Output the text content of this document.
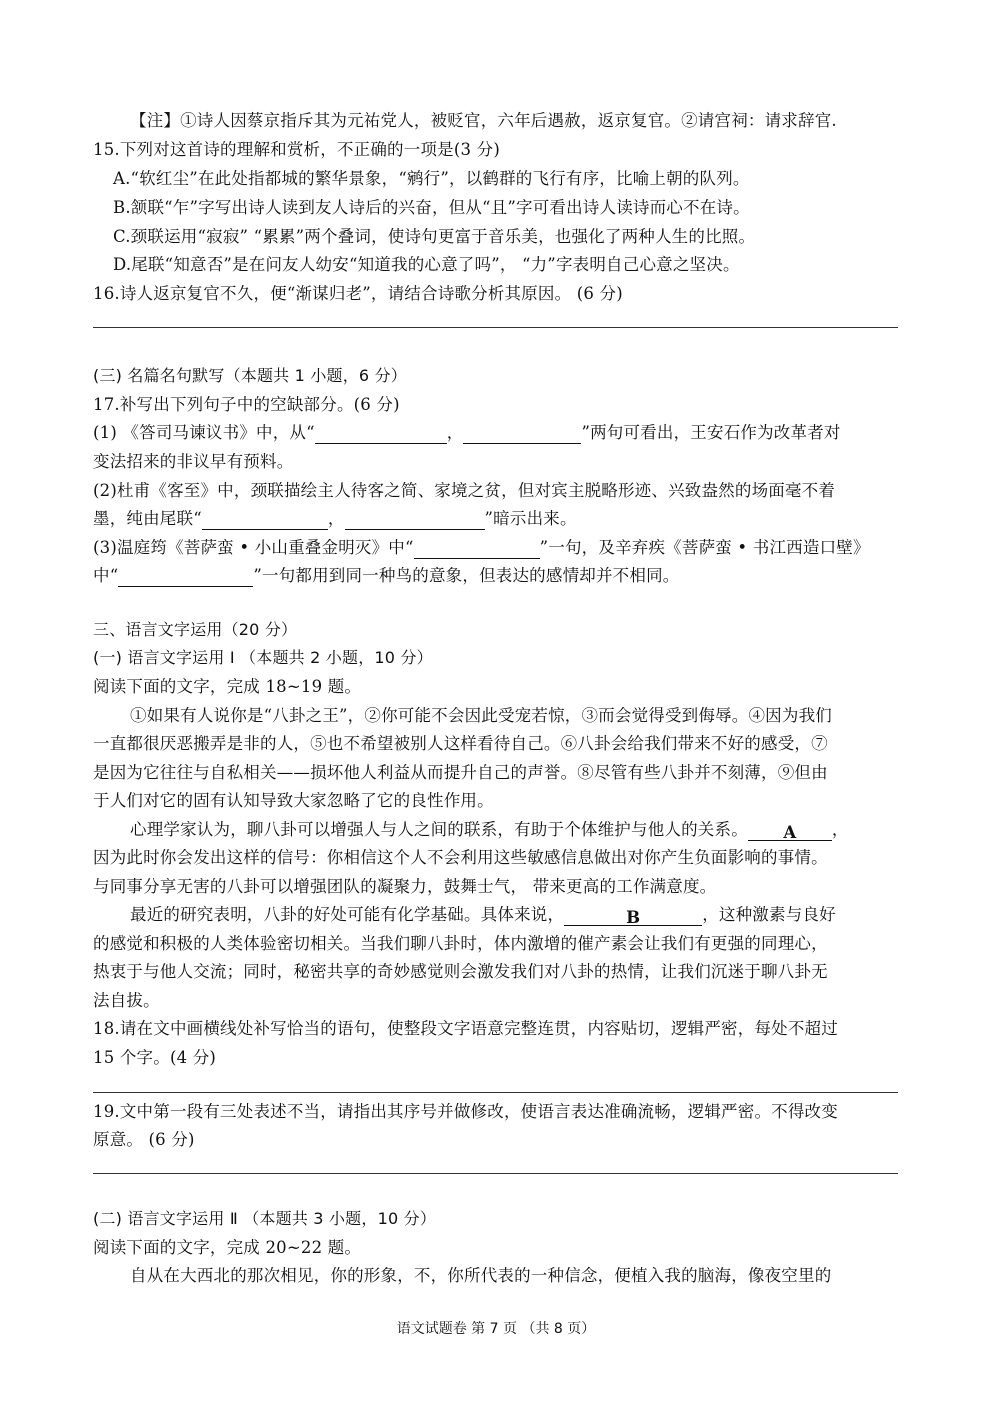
【注】①诗人因蔡京指斥其为元祐党人，被贬官，六年后遇赦，返京复官。②请宫祠：请求辞官.
15.下列对这首诗的理解和赏析，不正确的一项是(3 分)
A.“软红尘”在此处指都城的繁华景象，“鹓行”，以鹤群的飞行有序，比喻上朝的队列。
B.颔联“乍”字写出诗人读到友人诗后的兴奋，但从“且”字可看出诗人读诗而心不在诗。
C.颈联运用“寂寂” “累累”两个叠词，使诗句更富于音乐美，也强化了两种人生的比照。
D.尾联“知意否”是在问友人幼安“知道我的心意了吗”， “力”字表明自己心意之坚决。
16.诗人返京复官不久，便“渐谋归老”，请结合诗歌分析其原因。 (6 分)
(三) 名篇名句默写（本题共 1 小题，6 分）
17.补写出下列句子中的空缺部分。(6 分)
(1) 《答司马谏议书》中，从“	，	”两句可看出，王安石作为改革者对
变法招来的非议早有预料。
(2)杜甫《客至》中，颈联描绘主人待客之简、家境之贫，但对宾主脱略形迹、兴致盎然的场面毫不着
墨，纯由尾联“	，	”暗示出来。
(3)温庭筠《菩萨蛮 • 小山重叠金明灭》中“	”一句，及辛弃疾《菩萨蛮 • 书江西造口壁》
中“	”一句都用到同一种鸟的意象，但表达的感情却并不相同。
三、语言文字运用（20 分）
(一) 语言文字运用 Ⅰ （本题共 2 小题，10 分）
阅读下面的文字，完成 18~19 题。
①如果有人说你是“八卦之王”，②你可能不会因此受宠若惊，③而会觉得受到侮辱。④因为我们
一直都很厌恶搬弄是非的人，⑤也不希望被别人这样看待自己。⑥八卦会给我们带来不好的感受，⑦
是因为它往往与自私相关——损坏他人利益从而提升自己的声誉。⑧尽管有些八卦并不刻薄，⑨但由
于人们对它的固有认知导致大家忽略了它的良性作用。
心理学家认为，聊八卦可以增强人与人之间的联系，有助于个体维护与他人的关系。 A ，
因为此时你会发出这样的信号：你相信这个人不会利用这些敏感信息做出对你产生负面影响的事情。
与同事分享无害的八卦可以增强团队的凝聚力，鼓舞士气， 带来更高的工作满意度。
最近的研究表明，八卦的好处可能有化学基础。具体来说，	B	，这种激素与良好
的感觉和积极的人类体验密切相关。当我们聊八卦时，体内激增的催产素会让我们有更强的同理心，
热衷于与他人交流；同时，秘密共享的奇妙感觉则会激发我们对八卦的热情，让我们沉迷于聊八卦无
法自拔。
18.请在文中画横线处补写恰当的语句，使整段文字语意完整连贯，内容贴切，逻辑严密，每处不超过
15 个字。(4 分)
19.文中第一段有三处表述不当，请指出其序号并做修改，使语言表达准确流畅，逻辑严密。不得改变
原意。 (6 分)
(二) 语言文字运用 Ⅱ （本题共 3 小题，10 分）
阅读下面的文字，完成 20~22 题。
自从在大西北的那次相见，你的形象，不，你所代表的一种信念，便植入我的脑海，像夜空里的
语文试题卷 第 7 页 （共 8 页）
